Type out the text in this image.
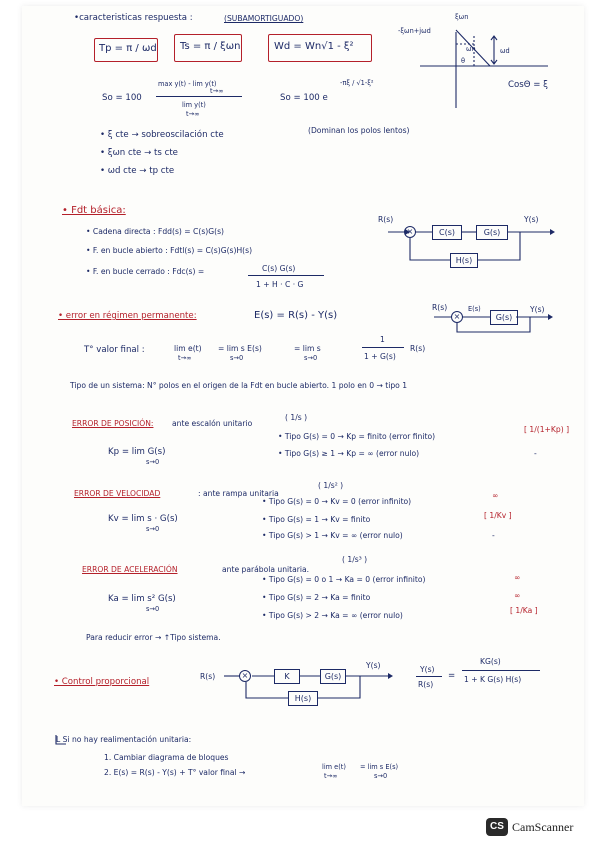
•caracteristicas respuesta :	(SUBAMORTIGUADO)
Tp = π / ωd Ts = π / ξωn	Wd = Wn√1 - ξ²
ξωn
-ξωn+jωd
ωn	ωd
θ
CosΘ = ξ
So = 100
max y(t) - lim y(t)
t→∞
lim y(t)
t→∞
So = 100 e
-πξ / √1-ξ²
• ξ cte → sobreoscilación cte
• ξωn cte → ts cte
• ωd cte → tp cte
(Dominan los polos lentos)
• Fdt básica:
• Cadena directa : Fdd(s) = C(s)G(s)
• F. en bucle abierto : Fdtl(s) = C(s)G(s)H(s)
• F. en bucle cerrado : Fdc(s) =	C(s) G(s)
1 + H · C · G
R(s)
×	C(s)	G(s)
H(s)
Y(s)
• error en régimen permanente:	E(s) = R(s) - Y(s)
R(s)	E(s)
×	G(s)
Y(s)
T° valor final :	lim e(t)
t→∞
= lim s E(s)
s→0
= lim s
s→0
1
1 + G(s)
R(s)
Tipo de un sistema: N° polos en el origen de la Fdt en bucle abierto. 1 polo en 0 → tipo 1
ERROR DE POSICIÓN: ante escalón unitario
( 1/s )
Kp = lim G(s)
s→0
• Tipo G(s) = 0 → Kp = finito (error finito)
[ 1/(1+Kp) ]
• Tipo G(s) ≥ 1 → Kp = ∞ (error nulo)	-
ERROR DE VELOCIDAD	: ante rampa unitaria
( 1/s² )
Kv = lim s · G(s)
s→0
• Tipo G(s) = 0 → Kv = 0 (error infinito)
∞
• Tipo G(s) = 1 → Kv = finito	[ 1/Kv ]
• Tipo G(s) > 1 → Kv = ∞ (error nulo)	-
ERROR DE ACELERACIÓN	ante parábola unitaria.
( 1/s³ )
Ka = lim s² G(s)
s→0
• Tipo G(s) = 0 o 1 → Ka = 0 (error infinito)	∞
• Tipo G(s) = 2 → Ka = finito	∞
• Tipo G(s) > 2 → Ka = ∞ (error nulo)
[ 1/Ka ]
Para reducir error → ↑Tipo sistema.
• Control proporcional
R(s)	×	K	G(s)
H(s)
Y(s)	Y(s)
R(s)
=
KG(s)
1 + K G(s) H(s)
L Si no hay realimentación unitaria:
1. Cambiar diagrama de bloques
2. E(s) = R(s) - Y(s) + T° valor final →
lim e(t)
t→∞
= lim s E(s)
s→0
CS CamScanner
